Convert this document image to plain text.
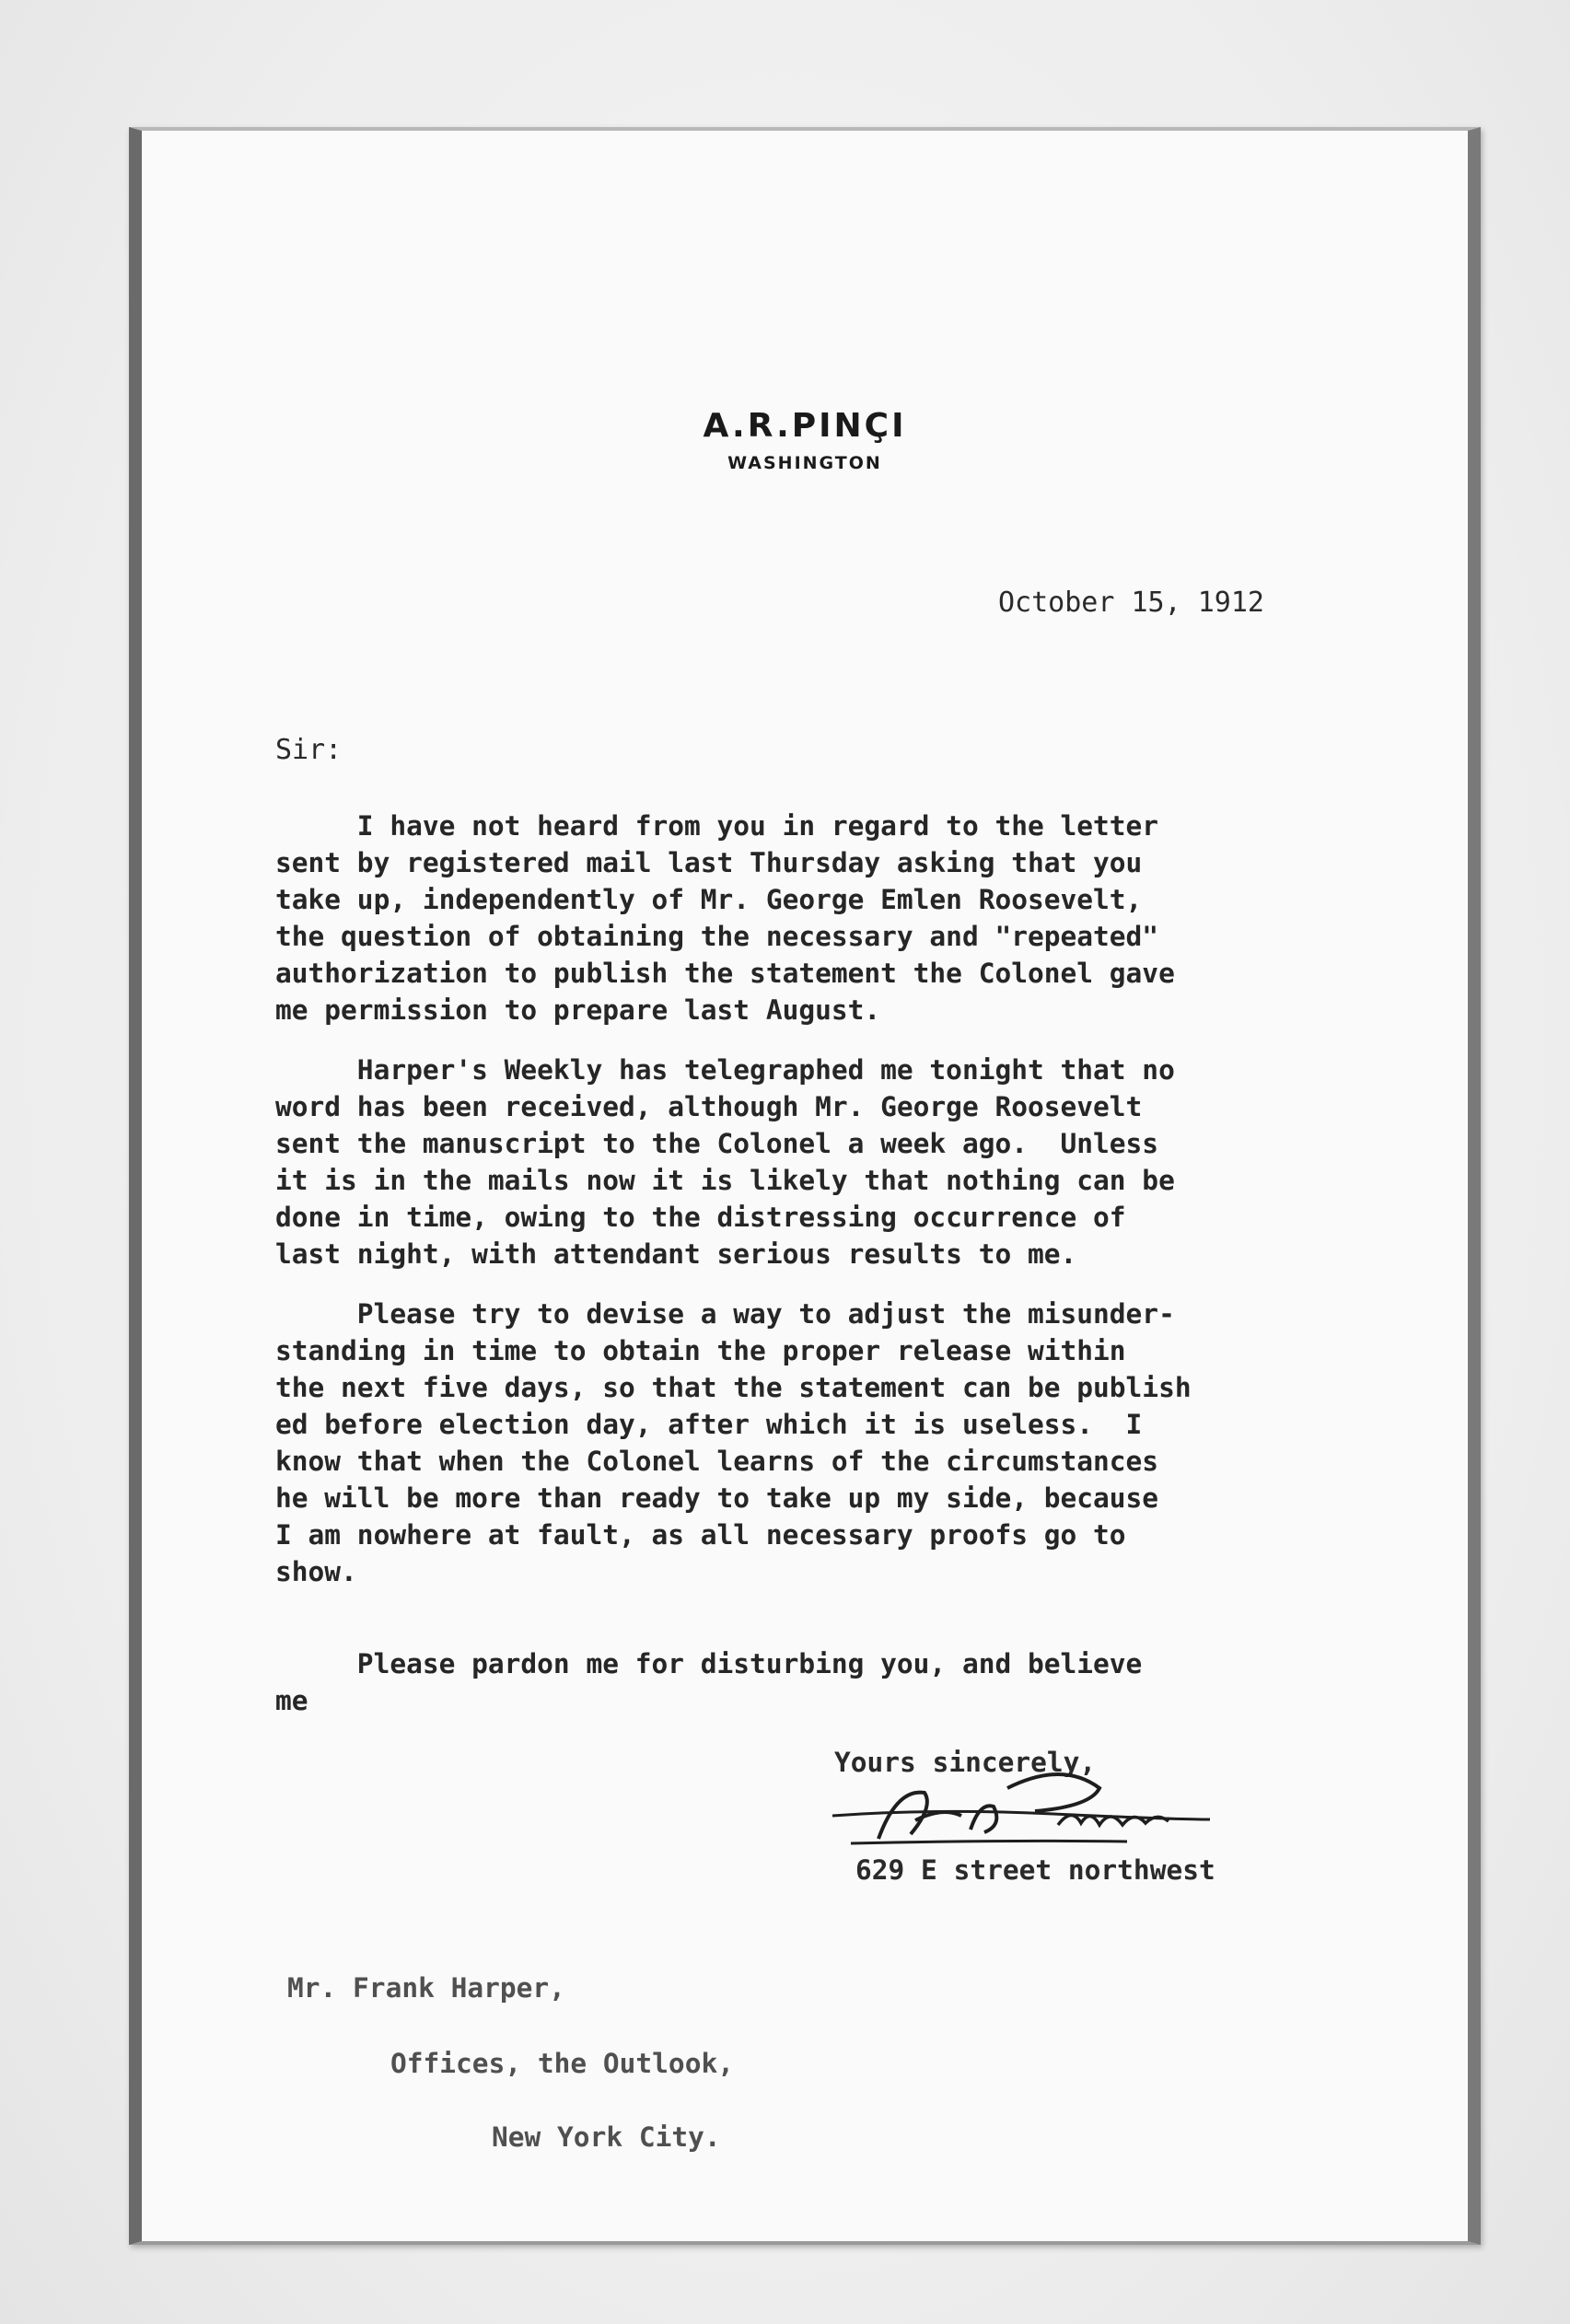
A.R.PINÇI
WASHINGTON
October 15, 1912
Sir:
I have not heard from you in regard to the letter
sent by registered mail last Thursday asking that you
take up, independently of Mr. George Emlen Roosevelt,
the question of obtaining the necessary and "repeated"
authorization to publish the statement the Colonel gave
me permission to prepare last August.
Harper's Weekly has telegraphed me tonight that no
word has been received, although Mr. George Roosevelt
sent the manuscript to the Colonel a week ago.  Unless
it is in the mails now it is likely that nothing can be
done in time, owing to the distressing occurrence of
last night, with attendant serious results to me.
Please try to devise a way to adjust the misunder-
standing in time to obtain the proper release within
the next five days, so that the statement can be publish
ed before election day, after which it is useless.  I
know that when the Colonel learns of the circumstances
he will be more than ready to take up my side, because
I am nowhere at fault, as all necessary proofs go to
show.
Please pardon me for disturbing you, and believe
me
Yours sincerely,
629 E street northwest
Mr. Frank Harper,
Offices, the Outlook,
New York City.
